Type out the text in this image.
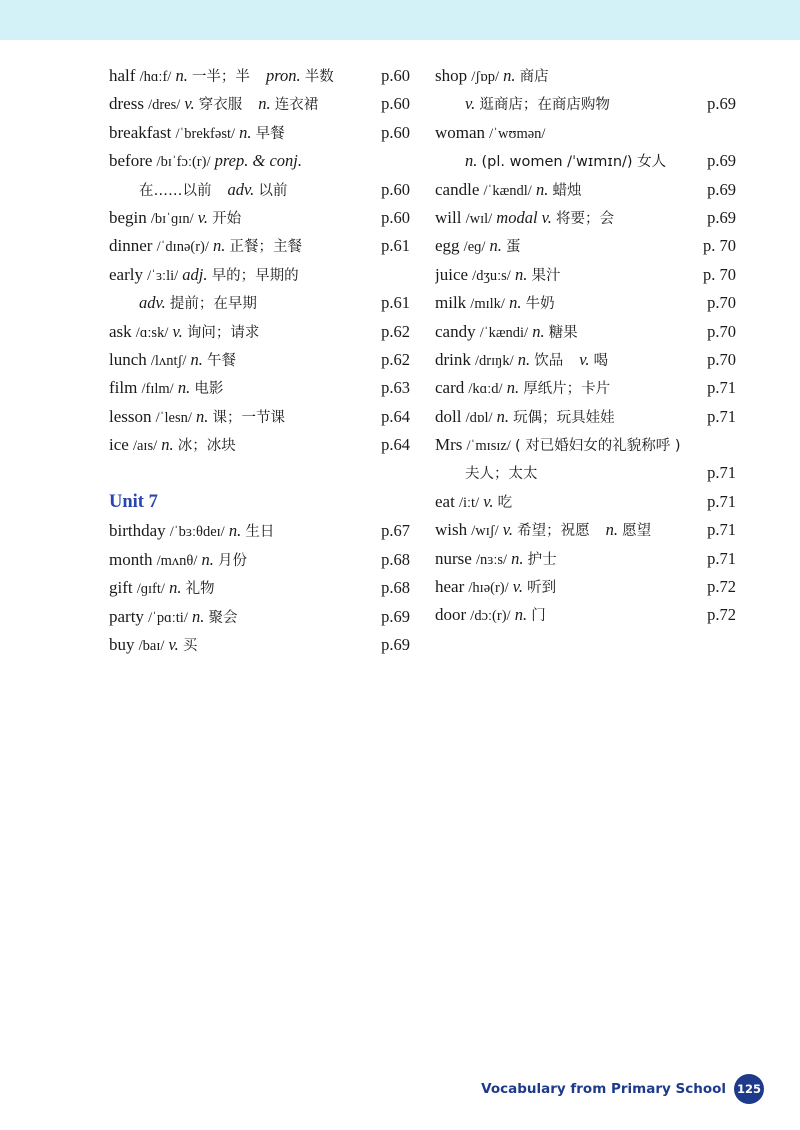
half /hɑːf/ n. 一半；半 pron. 半数	p.60
dress /dres/ v. 穿衣服 n. 连衣裙	p.60
breakfast /ˈbrekfəst/ n. 早餐	p.60
before /bɪˈfɔː(r)/ prep. & conj.
在……以前 adv. 以前	p.60
begin /bɪˈɡɪn/ v. 开始	p.60
dinner /ˈdɪnə(r)/ n. 正餐；主餐	p.61
early /ˈɜːli/ adj. 早的；早期的
adv. 提前；在早期	p.61
ask /ɑːsk/ v. 询问；请求	p.62
lunch /lʌntʃ/ n. 午餐	p.62
film /fɪlm/ n. 电影	p.63
lesson /ˈlesn/ n. 课；一节课	p.64
ice /aɪs/ n. 冰；冰块	p.64
Unit 7
birthday /ˈbɜːθdeɪ/ n. 生日	p.67
month /mʌnθ/ n. 月份	p.68
gift /ɡɪft/ n. 礼物	p.68
party /ˈpɑːti/ n. 聚会	p.69
buy /baɪ/ v. 买	p.69
shop /ʃɒp/ n. 商店
v. 逛商店；在商店购物	p.69
woman /ˈwʊmən/
n. (pl. women /ˈwɪmɪn/) 女人	p.69
candle /ˈkændl/ n. 蜡烛	p.69
will /wɪl/ modal v. 将要；会	p.69
egg /eɡ/ n. 蛋	p. 70
juice /dʒuːs/ n. 果汁	p. 70
milk /mɪlk/ n. 牛奶	p.70
candy /ˈkændi/ n. 糖果	p.70
drink /drɪŋk/ n. 饮品 v. 喝	p.70
card /kɑːd/ n. 厚纸片；卡片	p.71
doll /dɒl/ n. 玩偶；玩具娃娃	p.71
Mrs /ˈmɪsɪz/ ( 对已婚妇女的礼貌称呼 )
夫人；太太	p.71
eat /iːt/ v. 吃	p.71
wish /wɪʃ/ v. 希望；祝愿 n. 愿望	p.71
nurse /nɜːs/ n. 护士	p.71
hear /hɪə(r)/ v. 听到	p.72
door /dɔː(r)/ n. 门	p.72
Vocabulary from Primary School 125
